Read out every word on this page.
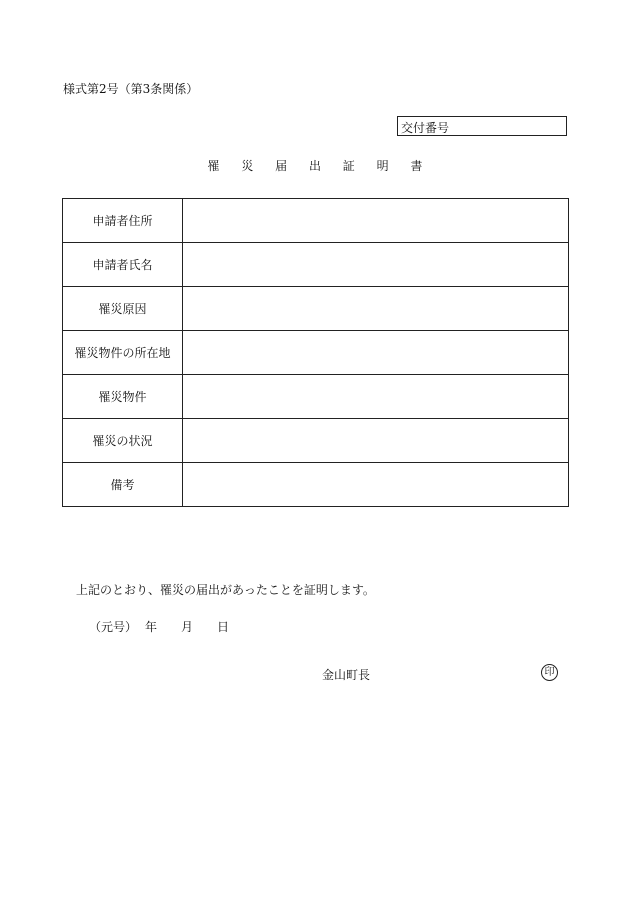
様式第2号（第3条関係）
交付番号
罹 災 届 出 証 明 書
申請者住所	
申請者氏名	
罹災原因	
罹災物件の所在地	
罹災物件	
罹災の状況	
備考	
上記のとおり、罹災の届出があったことを証明します。
（元号） 年 月 日
金山町長	印
